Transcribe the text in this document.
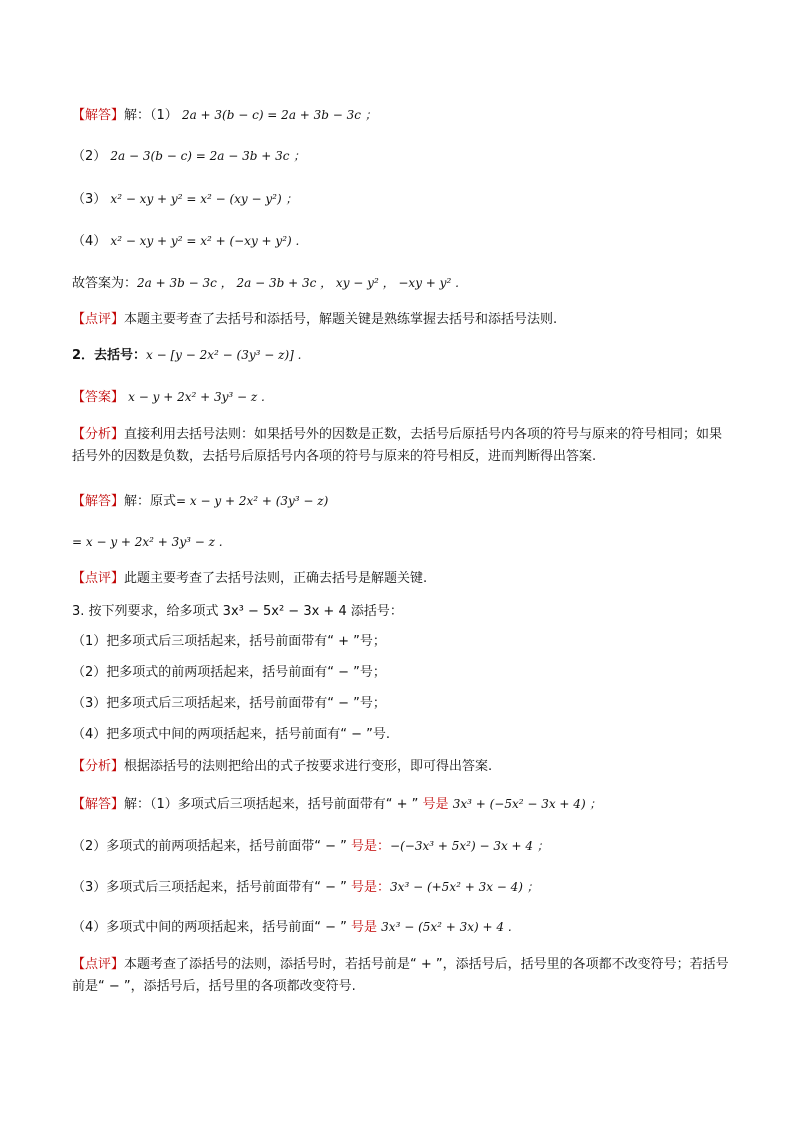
【解答】解：（1） 2a + 3(b − c) = 2a + 3b − 3c ；
（2） 2a − 3(b − c) = 2a − 3b + 3c ；
（3） x² − xy + y² = x² − (xy − y²) ；
（4） x² − xy + y² = x² + (−xy + y²) .
故答案为：2a + 3b − 3c ， 2a − 3b + 3c ， xy − y² ， −xy + y² .
【点评】本题主要考查了去括号和添括号，解题关键是熟练掌握去括号和添括号法则.
2．去括号：x − [y − 2x² − (3y³ − z)] .
【答案】 x − y + 2x² + 3y³ − z .
【分析】直接利用去括号法则：如果括号外的因数是正数，去括号后原括号内各项的符号与原来的符号相同；如果括号外的因数是负数，去括号后原括号内各项的符号与原来的符号相反，进而判断得出答案.
【解答】解：原式= x − y + 2x² + (3y³ − z)
= x − y + 2x² + 3y³ − z .
【点评】此题主要考查了去括号法则，正确去括号是解题关键.
3. 按下列要求，给多项式 3x³ − 5x² − 3x + 4 添括号：
（1）把多项式后三项括起来，括号前面带有“ + ”号；
（2）把多项式的前两项括起来，括号前面有“ − ”号；
（3）把多项式后三项括起来，括号前面带有“ − ”号；
（4）把多项式中间的两项括起来，括号前面有“ − ”号.
【分析】根据添括号的法则把给出的式子按要求进行变形，即可得出答案.
【解答】解：（1）多项式后三项括起来，括号前面带有“ + ” 号是 3x³ + (−5x² − 3x + 4) ；
（2）多项式的前两项括起来，括号前面带“ − ” 号是：−(−3x³ + 5x²) − 3x + 4 ；
（3）多项式后三项括起来，括号前面带有“ − ” 号是：3x³ − (+5x² + 3x − 4) ；
（4）多项式中间的两项括起来，括号前面“ − ” 号是 3x³ − (5x² + 3x) + 4 .
【点评】本题考查了添括号的法则，添括号时，若括号前是“ + ”，添括号后，括号里的各项都不改变符号；若括号前是“ − ”，添括号后，括号里的各项都改变符号.
